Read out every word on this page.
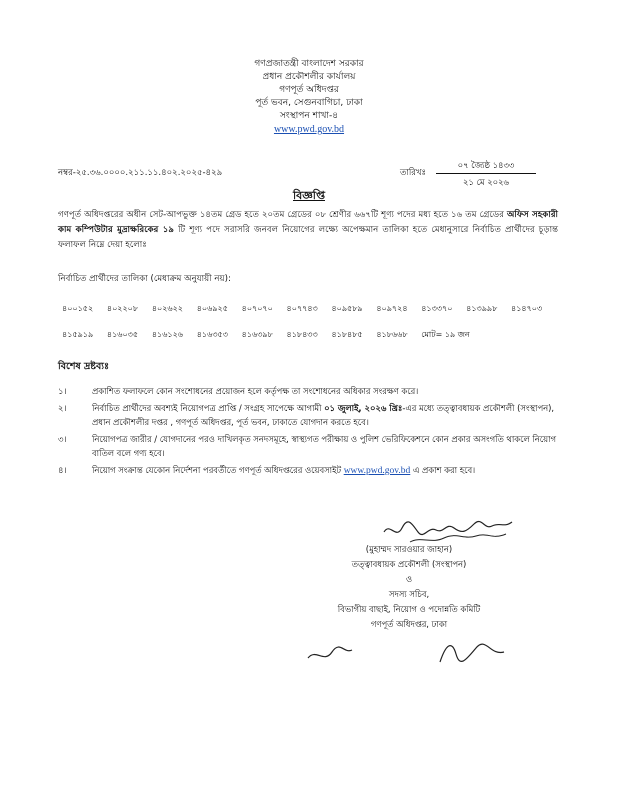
গণপ্রজাতন্ত্রী বাংলাদেশ সরকার
প্রধান প্রকৌশলীর কার্যালয়
গণপূর্ত অধিদপ্তর
পূর্ত ভবন, সেগুনবাগিচা, ঢাকা
সংস্থাপন শাখা-৪
www.pwd.gov.bd
নম্বর-২৫.৩৬.০০০০.২১১.১১.৪০২.২০২৫-৪২৯	তারিখঃ
০৭ জ্যৈষ্ঠ ১৪৩৩
২১ মে ২০২৬
বিজ্ঞপ্তি
গণপূর্ত অধিদপ্তরের অধীন সেট-আপভুক্ত ১৪তম গ্রেড হতে ২০তম গ্রেডের ০৮ শ্রেণীর ৬৬৭টি শূণ্য পদের মধ্য হতে ১৬ তম গ্রেডের অফিস সহকারী কাম কম্পিউটার মুদ্রাক্ষরিকের ১৯ টি শূণ্য পদে সরাসরি জনবল নিয়োগের লক্ষ্যে অপেক্ষমান তালিকা হতে মেধানুসারে নির্বাচিত প্রার্থীদের চূড়ান্ত ফলাফল নিম্নে দেয়া হলোঃ
নির্বাচিত প্রার্থীদের তালিকা (মেধাক্রম অনুযায়ী নয়):
৪০০১৫২	৪০২২০৮	৪০২৬২২	৪০৬৯২৫	৪০৭০৭০	৪০৭৭৪৩	৪০৯৫৮৯	৪০৯৭২৪	৪১৩৩৭০	৪১৩৯৯৮	৪১৪৭০৩
৪১৫৯১৯	৪১৬০৩৫	৪১৬১২৬	৪১৬৩৫৩	৪১৬৩৯৮	৪১৮৪৩৩	৪১৮৪৮৫	৪১৮৬৬৮	মোট= ১৯ জন		
বিশেষ দ্রষ্টব্যঃ
১।	প্রকাশিত ফলাফলে কোন সংশোধনের প্রয়োজন হলে কর্তৃপক্ষ তা সংশোধনের অধিকার সংরক্ষণ করে।
২।	নির্বাচিত প্রার্থীদের অবশ্যই নিয়োগপত্র প্রাপ্তি / সংগ্রহ সাপেক্ষে আগামী ০১ জুলাই, ২০২৬ খ্রিঃ-এর মধ্যে তত্ত্বাবধায়ক প্রকৌশলী (সংস্থাপন), প্রধান প্রকৌশলীর দপ্তর , গণপূর্ত অধিদপ্তর, পূর্ত ভবন, ঢাকাতে যোগদান করতে হবে।
৩।	নিয়োগপত্র জারীর / যোগদানের পরও দাখিলকৃত সনদসমূহে, স্বাস্থ্যগত পরীক্ষায় ও পুলিশ ভেরিফিকেশনে কোন প্রকার অসংগতি থাকলে নিয়োগ বাতিল বলে গণ্য হবে।
৪।	নিয়োগ সংক্রান্ত যেকোন নির্দেশনা পরবর্তীতে গণপূর্ত অধিদপ্তরের ওয়েবসাইট www.pwd.gov.bd এ প্রকাশ করা হবে।
(মুহাম্মদ সারওয়ার জাহান)
তত্ত্বাবধায়ক প্রকৌশলী (সংস্থাপন)
ও
সদস্য সচিব,
বিভাগীয় বাছাই, নিয়োগ ও পদোন্নতি কমিটি
গণপূর্ত অধিদপ্তর, ঢাকা
